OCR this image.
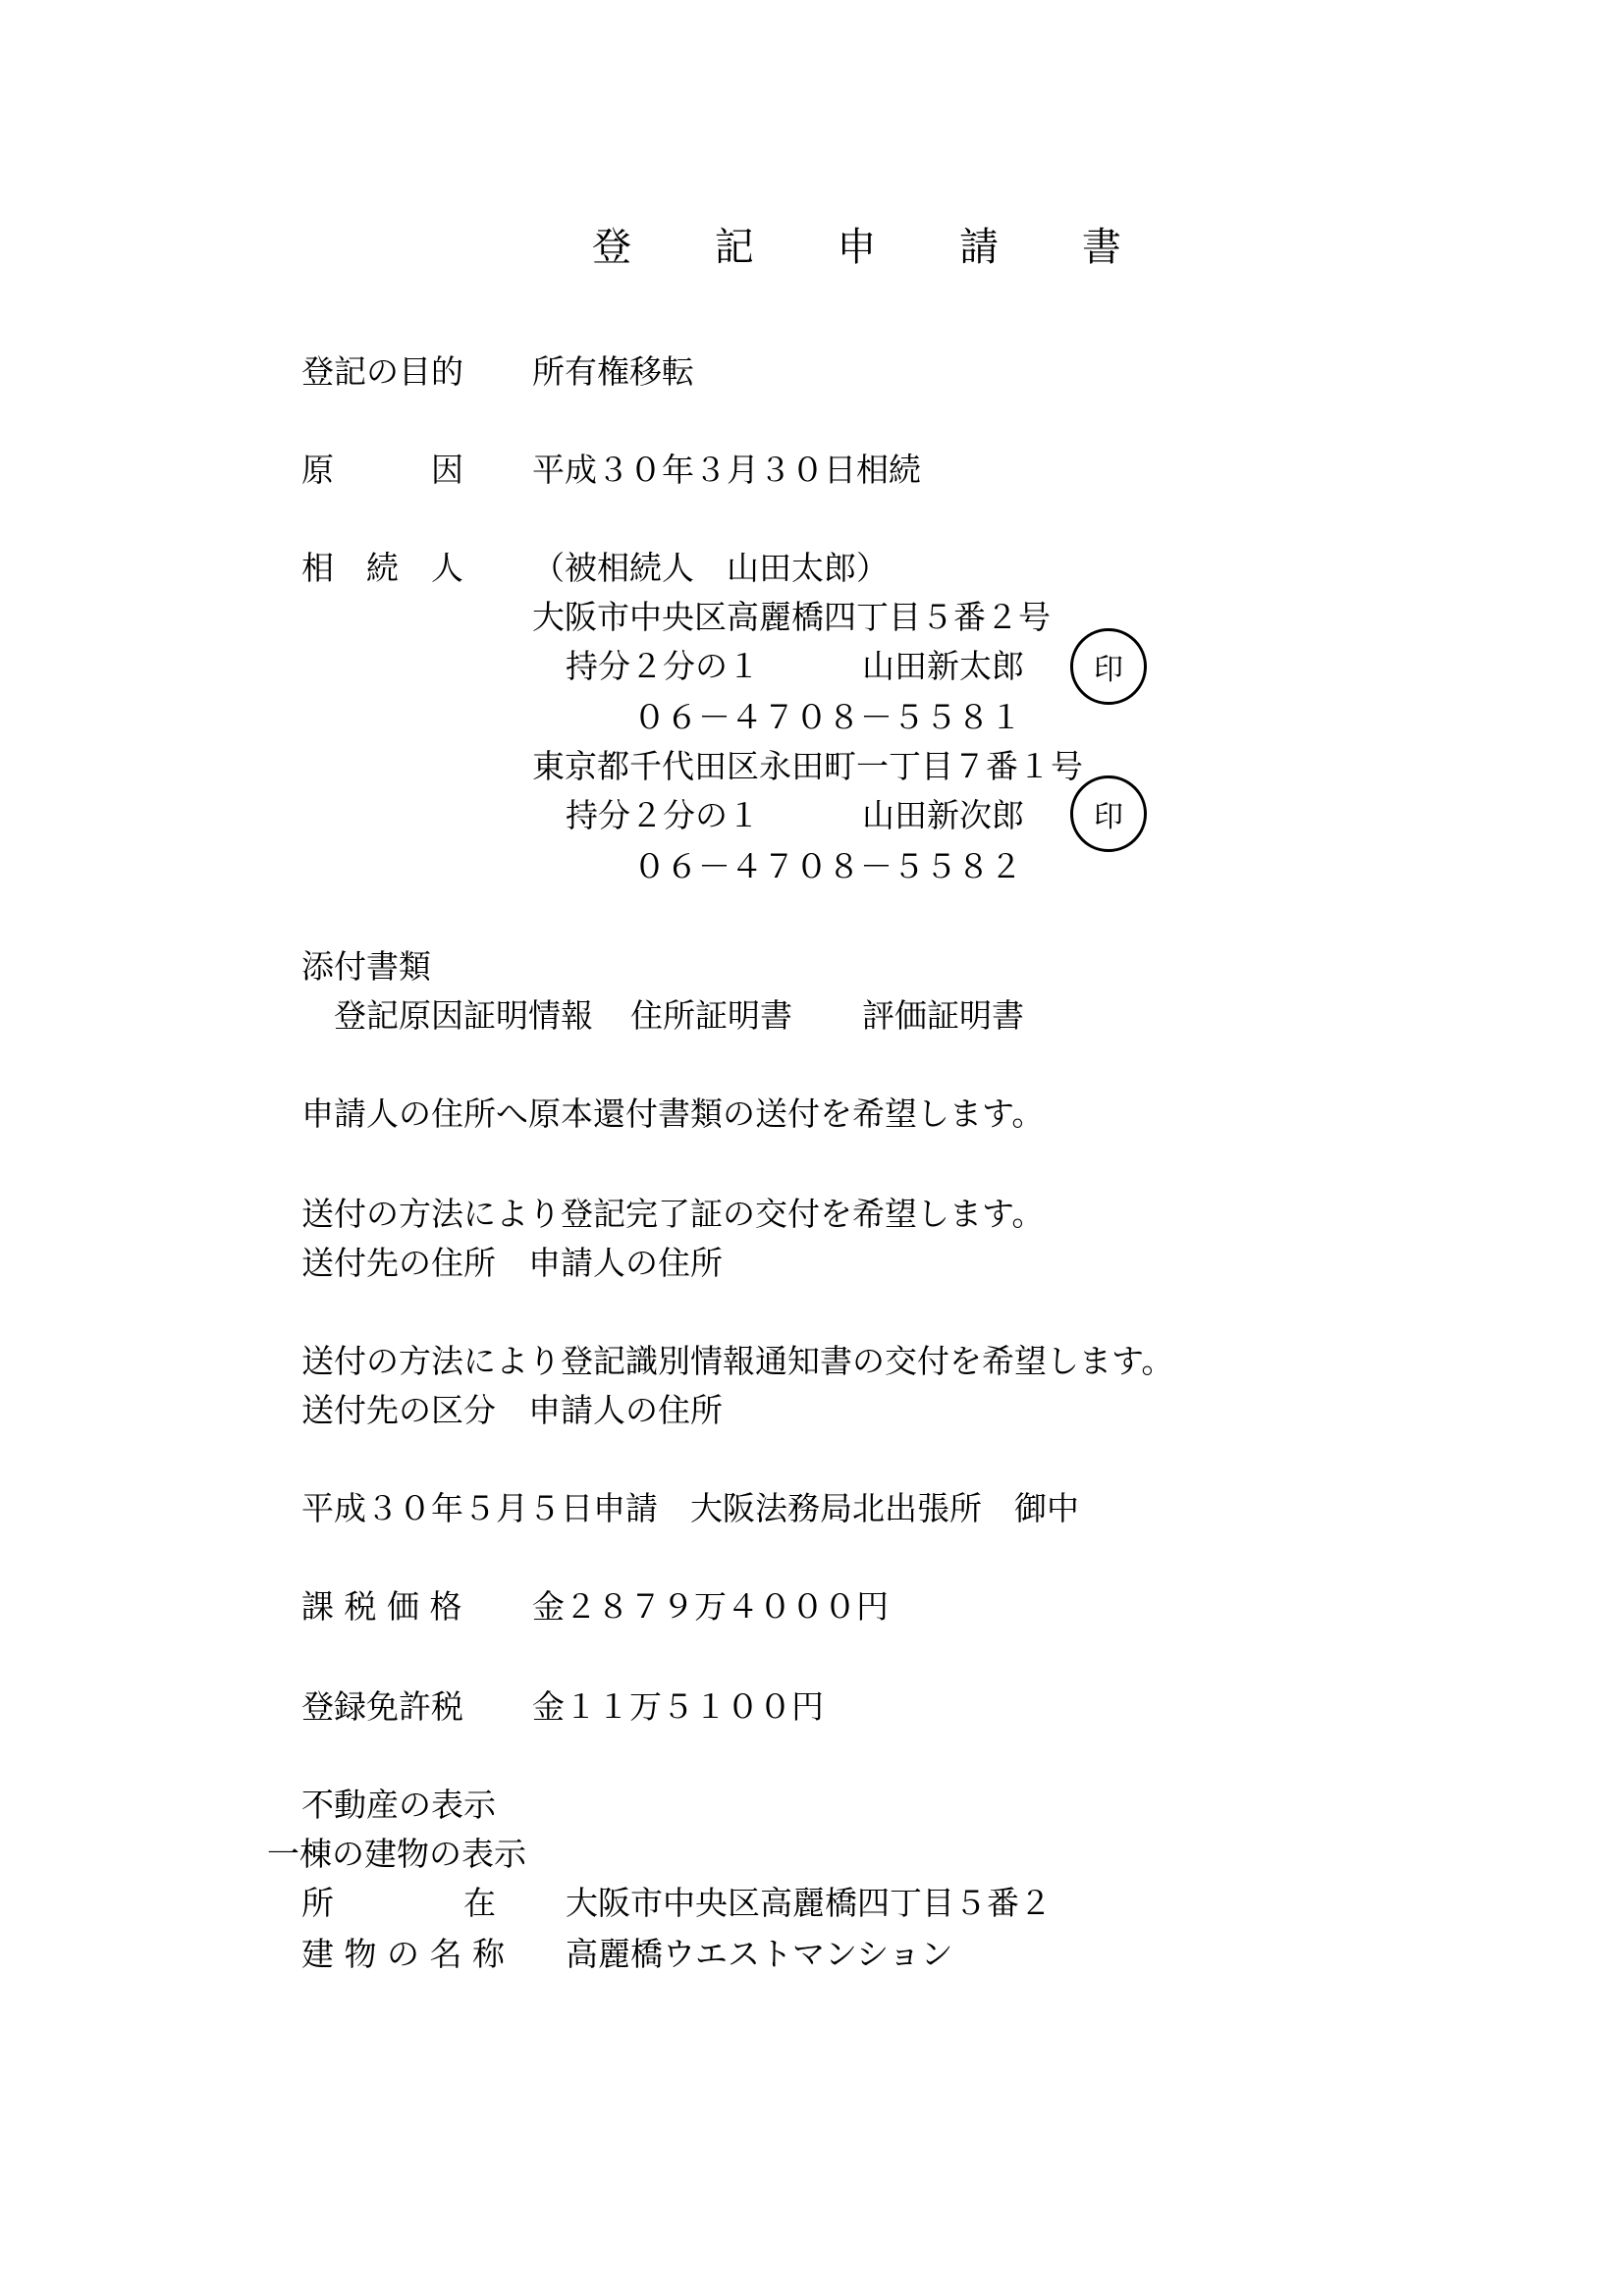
登 記 申 請 書
登記の目的 所有権移転
原　　　因 平成３０年３月３０日相続
相　続　人 （被相続人　山田太郎）
大阪市中央区高麗橋四丁目５番２号
持分２分の１	山田新太郎 印
０６－４７０８－５５８１
東京都千代田区永田町一丁目７番１号
持分２分の１	山田新次郎 印
０６－４７０８－５５８２
添付書類
登記原因証明情報 住所証明書 評価証明書
申請人の住所へ原本還付書類の送付を希望します。
送付の方法により登記完了証の交付を希望します。
送付先の住所　申請人の住所
送付の方法により登記識別情報通知書の交付を希望します。
送付先の区分　申請人の住所
平成３０年５月５日申請　大阪法務局北出張所　御中
課 税 価 格 金２８７９万４０００円
登録免許税 金１１万５１００円
不動産の表示
一棟の建物の表示
所　　　　在 大阪市中央区高麗橋四丁目５番２
建 物 の 名 称 高麗橋ウエストマンション
